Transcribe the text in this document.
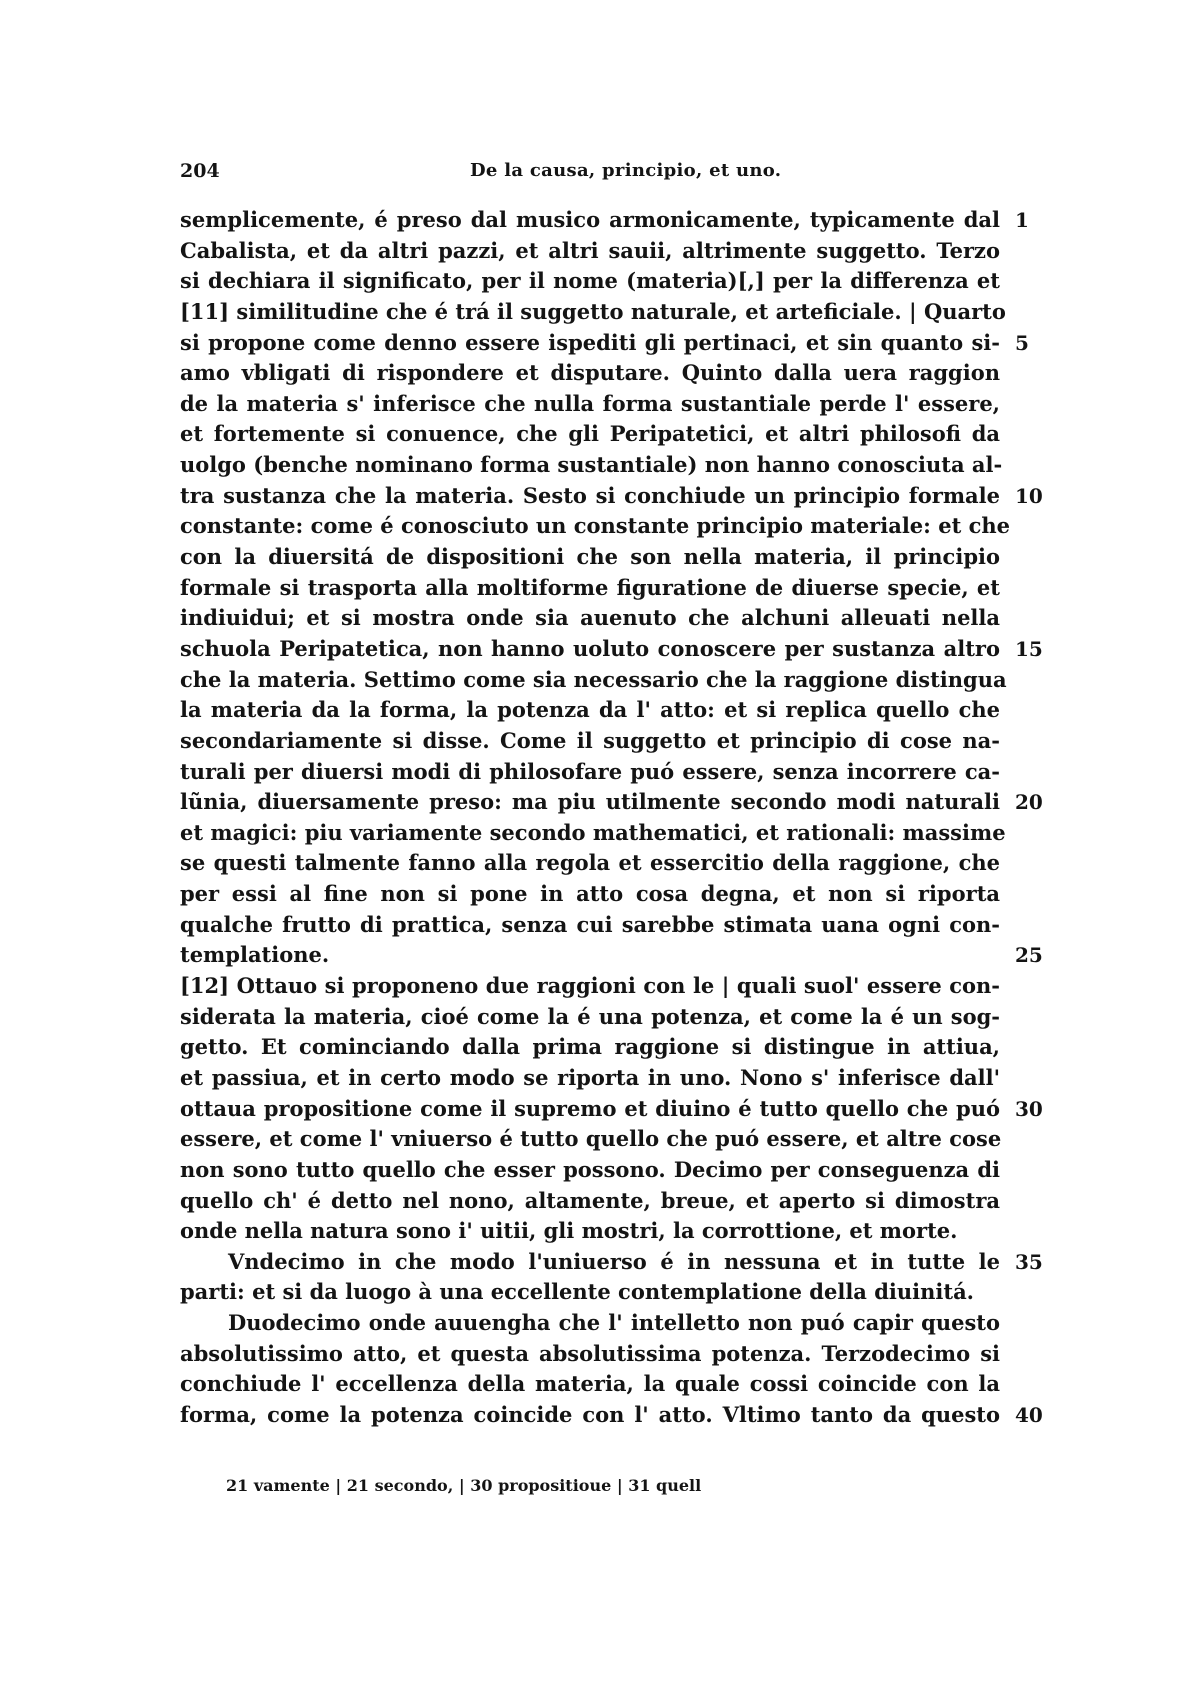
204	De la causa, principio, et uno.
semplicemente, é preso dal musico armonicamente, typicamente dal 1
Cabalista, et da altri pazzi, et altri sauii, altrimente suggetto. Terzo
si dechiara il significato, per il nome (materia)[,] per la differenza et
[11] similitudine che é trá il suggetto naturale, et arteficiale. | Quarto
si propone come denno essere ispediti gli pertinaci, et sin quanto si- 5
amo vbligati di rispondere et disputare. Quinto dalla uera raggion
de la materia s' inferisce che nulla forma sustantiale perde l' essere,
et fortemente si conuence, che gli Peripatetici, et altri philosofi da
uolgo (benche nominano forma sustantiale) non hanno conosciuta al-
tra sustanza che la materia. Sesto si conchiude un principio formale 10
constante: come é conosciuto un constante principio materiale: et che
con la diuersitá de dispositioni che son nella materia, il principio
formale si trasporta alla moltiforme figuratione de diuerse specie, et
indiuidui; et si mostra onde sia auenuto che alchuni alleuati nella
schuola Peripatetica, non hanno uoluto conoscere per sustanza altro 15
che la materia. Settimo come sia necessario che la raggione distingua
la materia da la forma, la potenza da l' atto: et si replica quello che
secondariamente si disse. Come il suggetto et principio di cose na-
turali per diuersi modi di philosofare puó essere, senza incorrere ca-
lũnia, diuersamente preso: ma piu utilmente secondo modi naturali 20
et magici: piu variamente secondo mathematici, et rationali: massime
se questi talmente fanno alla regola et essercitio della raggione, che
per essi al fine non si pone in atto cosa degna, et non si riporta
qualche frutto di prattica, senza cui sarebbe stimata uana ogni con-
templatione.	25
[12] Ottauo si proponeno due raggioni con le | quali suol' essere con-
siderata la materia, cioé come la é una potenza, et come la é un sog-
getto. Et cominciando dalla prima raggione si distingue in attiua,
et passiua, et in certo modo se riporta in uno. Nono s' inferisce dall'
ottaua propositione come il supremo et diuino é tutto quello che puó 30
essere, et come l' vniuerso é tutto quello che puó essere, et altre cose
non sono tutto quello che esser possono. Decimo per conseguenza di
quello ch' é detto nel nono, altamente, breue, et aperto si dimostra
onde nella natura sono i' uitii, gli mostri, la corrottione, et morte.
Vndecimo in che modo l'uniuerso é in nessuna et in tutte le 35
parti: et si da luogo à una eccellente contemplatione della diuinitá.
Duodecimo onde auuengha che l' intelletto non puó capir questo
absolutissimo atto, et questa absolutissima potenza. Terzodecimo si
conchiude l' eccellenza della materia, la quale cossi coincide con la
forma, come la potenza coincide con l' atto. Vltimo tanto da questo 40
21 vamente | 21 secondo, | 30 propositioue | 31 quell
